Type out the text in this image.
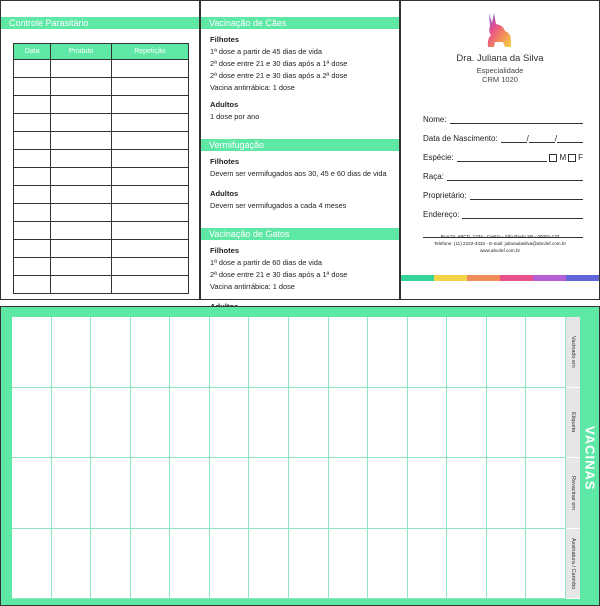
Controle Parasitário
Data	Produto	Repetição

Vacinação de Cães
Filhotes
1ª dose a partir de 45 dias de vida
2ª dose entre 21 e 30 dias após a 1ª dose
2ª dose entre 21 e 30 dias após a 2ª dose
Vacina antirrábica: 1 dose
Adultos
1 dose por ano
Vermifugação
Filhotes
Devem ser vermifugados aos 30, 45 e 60 dias de vida
Adultos
Devem ser vermifugados a cada 4 meses
Vacinação de Gatos
Filhotes
1ª dose a partir de 60 dias de vida
2ª dose entre 21 e 30 dias após a 1ª dose
Vacina antirrábica: 1 dose
Dra. Juliana da Silva
Especialidade
CRM 1020
Nome:
Data de Nascimento:	/	/
Espécie:	M F
Raça:
Proprietário:
Endereço:
Rua Dr. ABCD, 1234 - Centro - São Paulo SP - 00001-123
Telefone: (11) 2222-3333 - E-mail: julianadasilva@abcdef.com.br
www.abcdef.com.br
Vacinado em
Etiqueta
Revacinar em
Assinatura / Carimbo
VACINAS
